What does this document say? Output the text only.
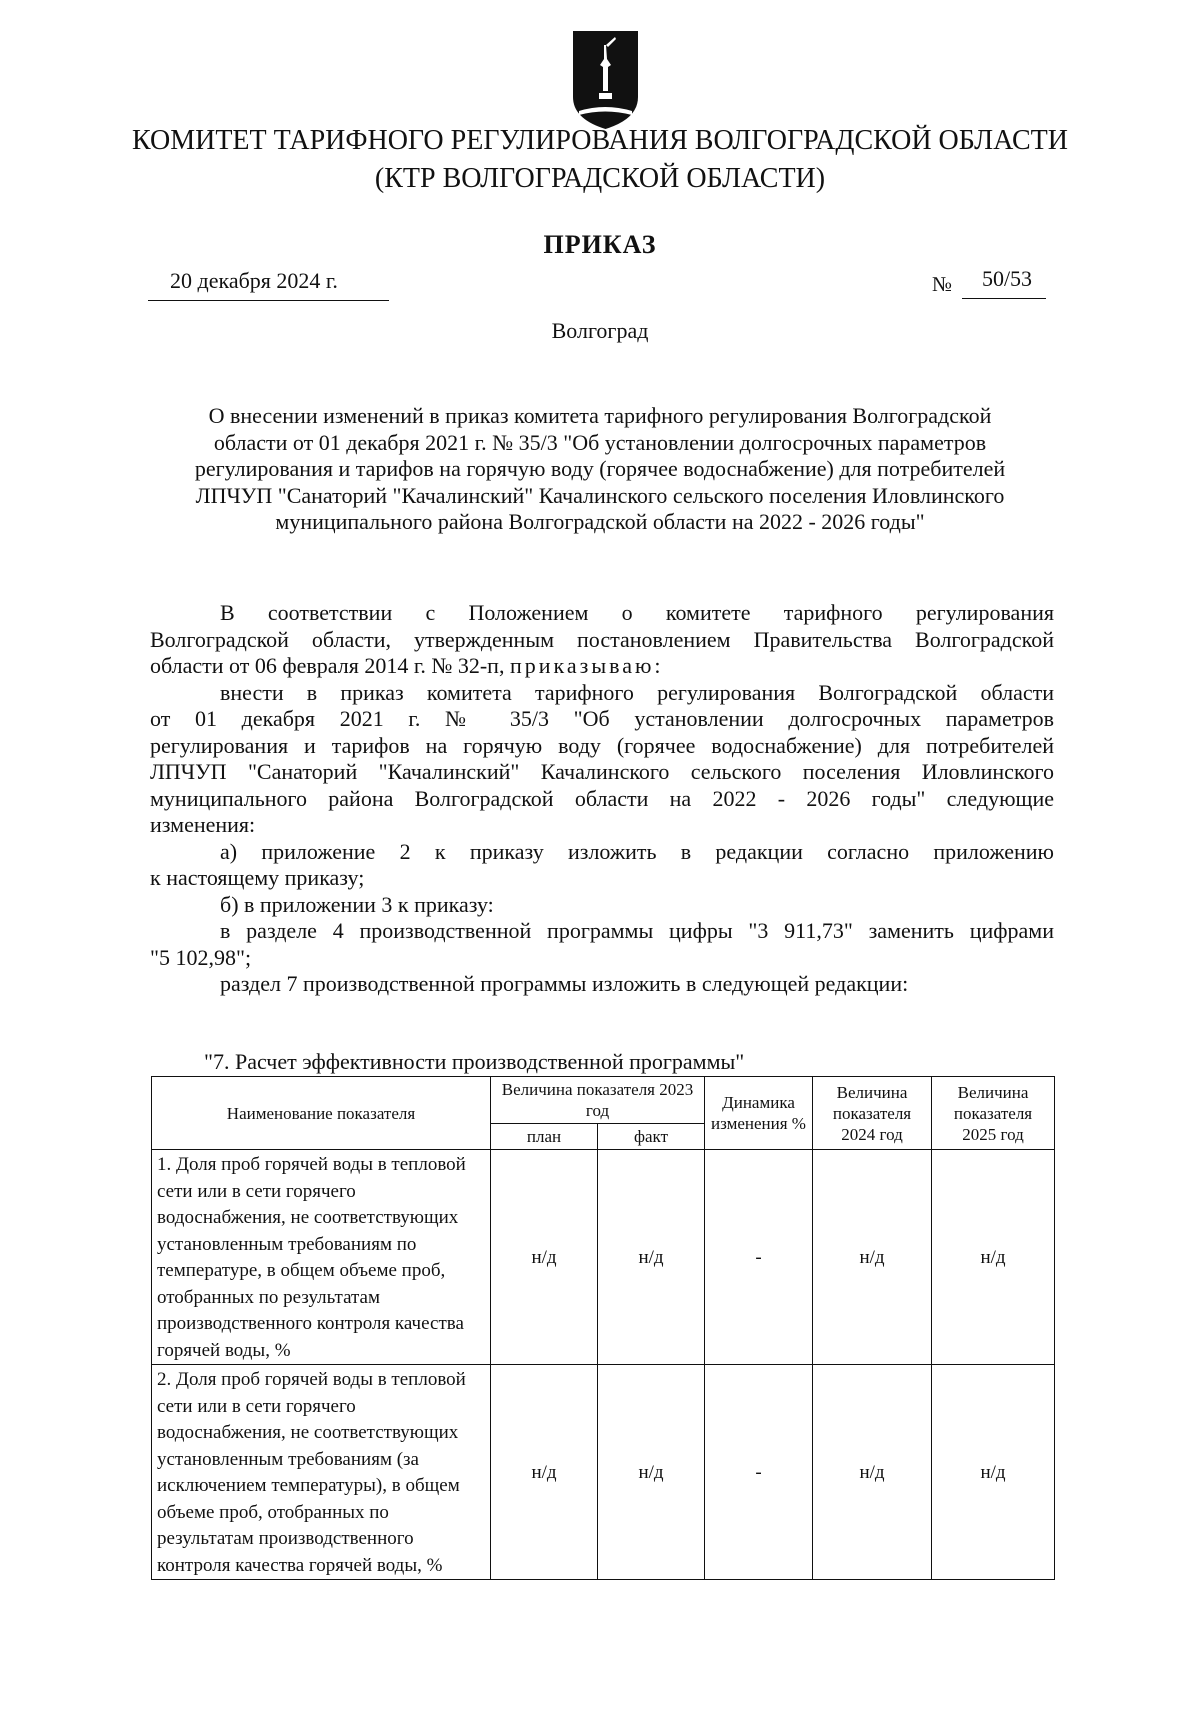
КОМИТЕТ ТАРИФНОГО РЕГУЛИРОВАНИЯ ВОЛГОГРАДСКОЙ ОБЛАСТИ
(КТР ВОЛГОГРАДСКОЙ ОБЛАСТИ)
ПРИКАЗ
20 декабря 2024 г.	№	50/53
Волгоград
О внесении изменений в приказ комитета тарифного регулирования Волгоградской
области от 01 декабря 2021 г. № 35/3 "Об установлении долгосрочных параметров
регулирования и тарифов на горячую воду (горячее водоснабжение) для потребителей
ЛПЧУП "Санаторий "Качалинский" Качалинского сельского поселения Иловлинского
муниципального района Волгоградской области на 2022 - 2026 годы"

В соответствии с Положением о комитете тарифного регулирования

Волгоградской области, утвержденным постановлением Правительства Волгоградской

области от 06 февраля 2014 г. № 32-п, приказываю:

внести в приказ комитета тарифного регулирования Волгоградской области

от 01 декабря 2021 г. № 35/3 "Об установлении долгосрочных параметров

регулирования и тарифов на горячую воду (горячее водоснабжение) для потребителей

ЛПЧУП "Санаторий "Качалинский" Качалинского сельского поселения Иловлинского

муниципального района Волгоградской области на 2022 - 2026 годы" следующие

изменения:

а) приложение 2 к приказу изложить в редакции согласно приложению

к настоящему приказу;

б) в приложении 3 к приказу:

в разделе 4 производственной программы цифры "3 911,73" заменить цифрами

"5 102,98";

раздел 7 производственной программы изложить в следующей редакции:

"7. Расчет эффективности производственной программы"
Наименование показателя	Величина показателя 2023 год		Динамика изменения %	Величина показателя 2024 год	Величина показателя 2025 год
	план	факт			
1. Доля проб горячей воды в тепловой сети или в сети горячего водоснабжения, не соответствующих установленным требованиям по температуре, в общем объеме проб, отобранных по результатам производственного контроля качества горячей воды, %	н/д	н/д	-	н/д	н/д
2. Доля проб горячей воды в тепловой сети или в сети горячего водоснабжения, не соответствующих установленным требованиям (за исключением температуры), в общем объеме проб, отобранных по результатам производственного контроля качества горячей воды, %	н/д	н/д	-	н/д	н/д
